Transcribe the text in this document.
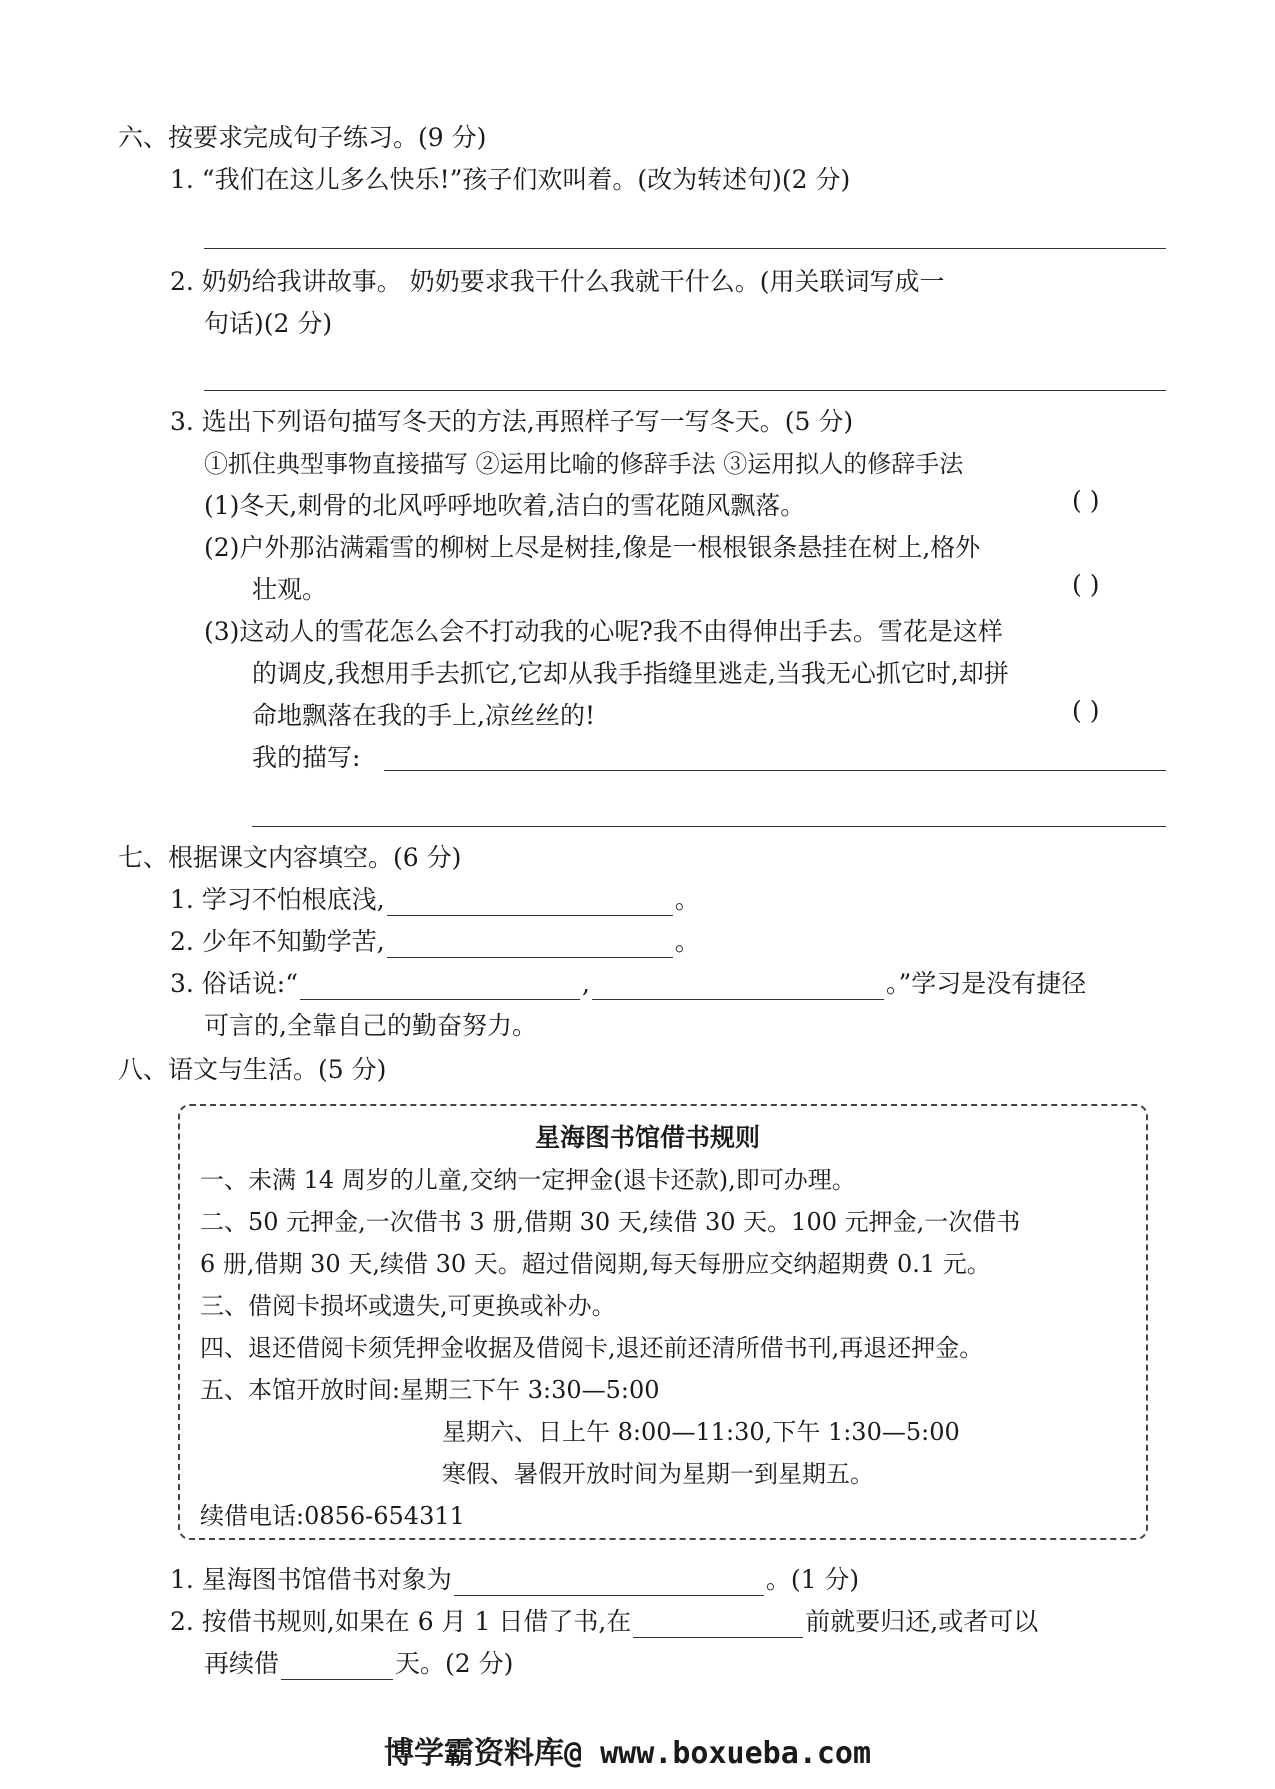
六、按要求完成句子练习。(9 分)
1. “我们在这儿多么快乐!”孩子们欢叫着。(改为转述句)(2 分)
2. 奶奶给我讲故事。 奶奶要求我干什么我就干什么。(用关联词写成一
句话)(2 分)
3. 选出下列语句描写冬天的方法,再照样子写一写冬天。(5 分)
①抓住典型事物直接描写 ②运用比喻的修辞手法 ③运用拟人的修辞手法
(1)冬天,刺骨的北风呼呼地吹着,洁白的雪花随风飘落。	( )
(2)户外那沾满霜雪的柳树上尽是树挂,像是一根根银条悬挂在树上,格外
壮观。	( )
(3)这动人的雪花怎么会不打动我的心呢?我不由得伸出手去。雪花是这样
的调皮,我想用手去抓它,它却从我手指缝里逃走,当我无心抓它时,却拼
命地飘落在我的手上,凉丝丝的!	( )
我的描写:
七、根据课文内容填空。(6 分)
1. 学习不怕根底浅,	。
2. 少年不知勤学苦,	。
3. 俗话说:“	,	。”学习是没有捷径
可言的,全靠自己的勤奋努力。
八、语文与生活。(5 分)
星海图书馆借书规则
一、未满 14 周岁的儿童,交纳一定押金(退卡还款),即可办理。
二、50 元押金,一次借书 3 册,借期 30 天,续借 30 天。100 元押金,一次借书
6 册,借期 30 天,续借 30 天。超过借阅期,每天每册应交纳超期费 0.1 元。
三、借阅卡损坏或遗失,可更换或补办。
四、退还借阅卡须凭押金收据及借阅卡,退还前还清所借书刊,再退还押金。
五、本馆开放时间:星期三下午 3:30—5:00
星期六、日上午 8:00—11:30,下午 1:30—5:00
寒假、暑假开放时间为星期一到星期五。
续借电话:0856-654311
1. 星海图书馆借书对象为	。(1 分)
2. 按借书规则,如果在 6 月 1 日借了书,在	前就要归还,或者可以
再续借	天。(2 分)
博学霸资料库@ www.boxueba.com
